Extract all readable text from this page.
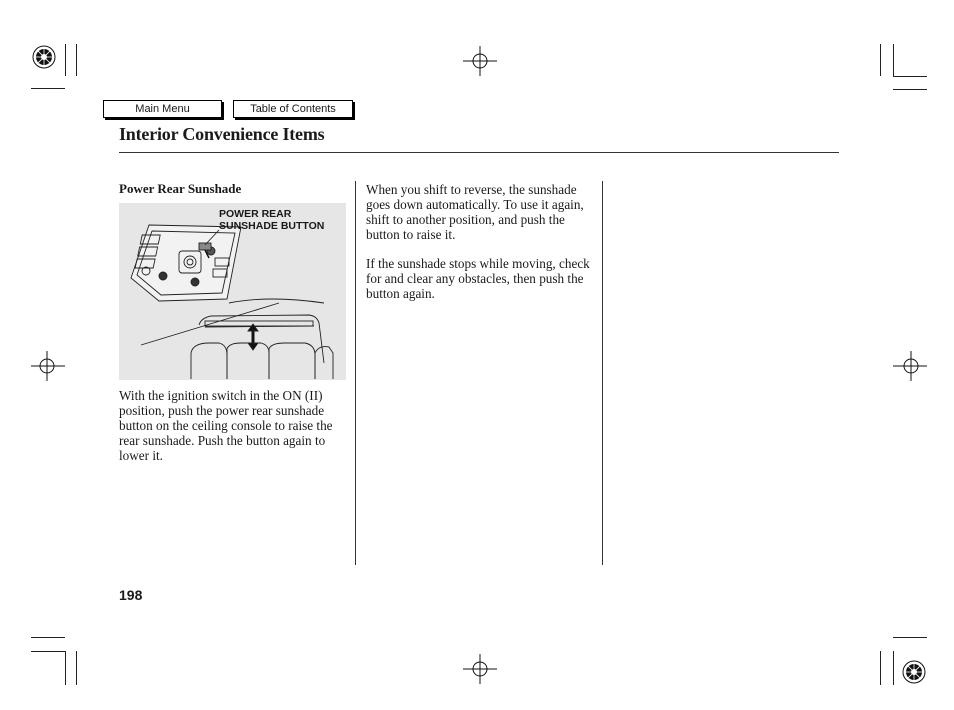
Main Menu	Table of Contents
Interior Convenience Items
Power Rear Sunshade
POWER REAR
SUNSHADE BUTTON

With the ignition switch in the ON (II) position, push the power rear sunshade button on the ceiling console to raise the rear sunshade. Push the button again to lower it.

When you shift to reverse, the sunshade goes down automatically. To use it again, shift to another position, and push the button to raise it.

If the sunshade stops while moving, check for and clear any obstacles, then push the button again.

198
